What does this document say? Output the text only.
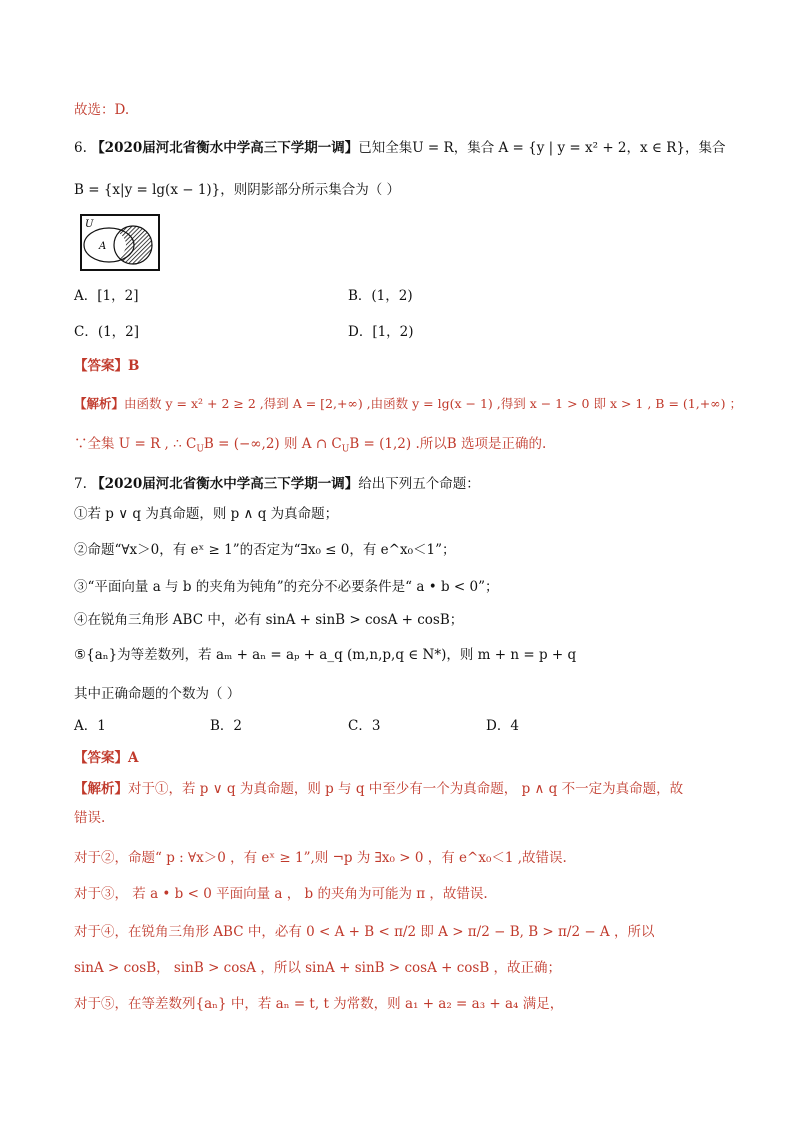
故选：D.
6. 【2020届河北省衡水中学高三下学期一调】已知全集U = R，集合 A = {y | y = x² + 2，x ∈ R}，集合
B = {x|y = lg(x − 1)}，则阴影部分所示集合为（ ）
U
A
A．[1，2]	B．(1，2)
C．(1，2]	D．[1，2)
【答案】B
【解析】由函数 y = x² + 2 ≥ 2 ,得到 A = [2,+∞) ,由函数 y = lg(x − 1) ,得到 x − 1 > 0 即 x > 1 , B = (1,+∞) ；
∵全集 U = R , ∴ $C_UB = (-\infty,2)$ 则 A ∩ $C_UB = (1,2)$ .所以B 选项是正确的.
7. 【2020届河北省衡水中学高三下学期一调】给出下列五个命题：
①若 p ∨ q 为真命题，则 p ∧ q 为真命题；
②命题“∀x＞0，有 eˣ ≥ 1”的否定为“∃x₀ ≤ 0，有 e^x₀＜1”；
③“平面向量 a 与 b 的夹角为钝角”的充分不必要条件是“ a • b < 0”；
④在锐角三角形 ABC 中，必有 sinA + sinB > cosA + cosB；
⑤{aₙ}为等差数列，若 aₘ + aₙ = aₚ + a_q (m,n,p,q ∈ N*)，则 m + n = p + q
其中正确命题的个数为（ ）
A．1	B．2	C．3	D．4
【答案】A
【解析】对于①，若 p ∨ q 为真命题，则 p 与 q 中至少有一个为真命题， p ∧ q 不一定为真命题，故
错误.
对于②，命题“ p : ∀x＞0 ，有 eˣ ≥ 1”,则 ¬p 为 ∃x₀ > 0 ，有 e^x₀＜1 ,故错误.
对于③， 若 a • b < 0 平面向量 a ， b 的夹角为可能为 π ，故错误.
对于④，在锐角三角形 ABC 中，必有 0 < A + B < π/2 即 A > π/2 − B, B > π/2 − A ，所以
sinA > cosB， sinB > cosA ，所以 sinA + sinB > cosA + cosB ，故正确；
对于⑤，在等差数列{aₙ} 中，若 aₙ = t, t 为常数，则 a₁ + a₂ = a₃ + a₄ 满足，
